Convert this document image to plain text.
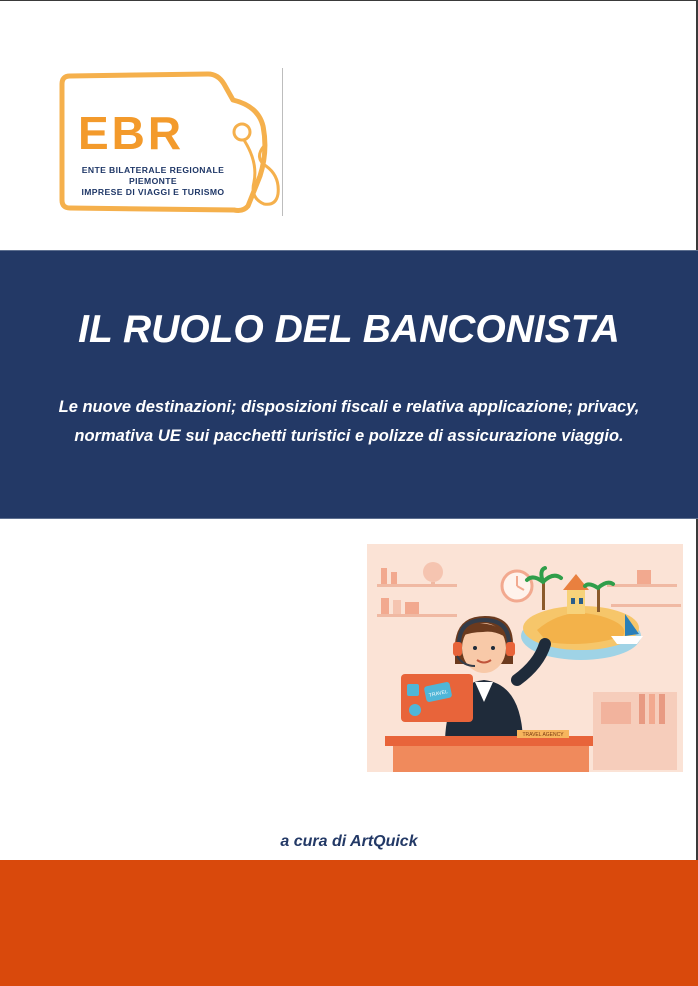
EBR
ENTE BILATERALE REGIONALE
PIEMONTE
IMPRESE DI VIAGGI E TURISMO
IL RUOLO DEL BANCONISTA
Le nuove destinazioni; disposizioni fiscali e relativa applicazione; privacy, normativa UE sui pacchetti turistici e polizze di assicurazione viaggio.
TRAVEL
TRAVEL AGENCY
a cura di ArtQuick
